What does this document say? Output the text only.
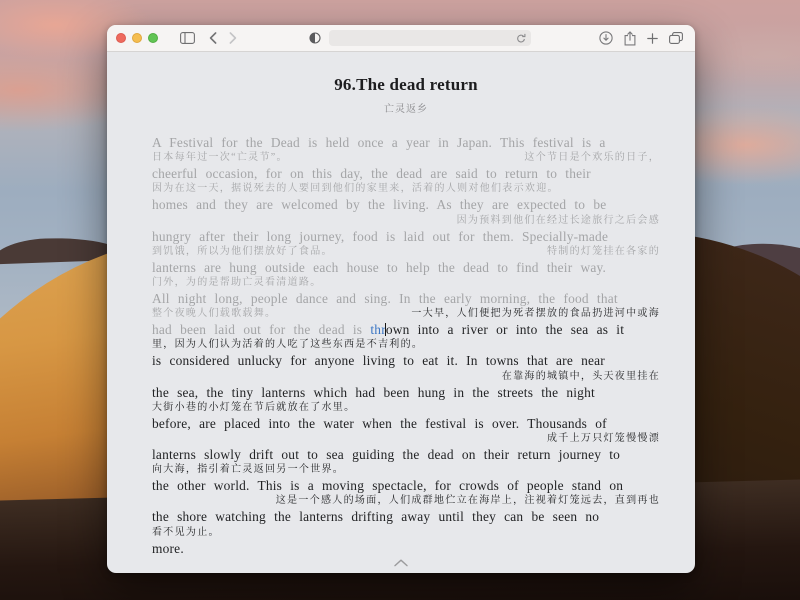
96.The dead return
亡灵返乡
A Festival for the Dead is held once a year in Japan. This festival is a
日本每年过一次“亡灵节”。	这个节日是个欢乐的日子，
cheerful occasion, for on this day, the dead are said to return to their
因为在这一天，据说死去的人要回到他们的家里来，活着的人则对他们表示欢迎。
homes and they are welcomed by the living. As they are expected to be
因为预料到他们在经过长途旅行之后会感
hungry after their long journey, food is laid out for them. Specially-made
到饥饿，所以为他们摆放好了食品。	特制的灯笼挂在各家的
lanterns are hung outside each house to help the dead to find their way.
门外，为的是帮助亡灵看清道路。
All night long, people dance and sing. In the early morning, the food that
整个夜晚人们载歌载舞。	一大早，人们便把为死者摆放的食品扔进河中或海
had been laid out for the dead is thrown into a river or into the sea as it
里，因为人们认为活着的人吃了这些东西是不吉利的。
is considered unlucky for anyone living to eat it. In towns that are near
在靠海的城镇中，头天夜里挂在
the sea, the tiny lanterns which had been hung in the streets the night
大街小巷的小灯笼在节后就放在了水里。
before, are placed into the water when the festival is over. Thousands of
成千上万只灯笼慢慢漂
lanterns slowly drift out to sea guiding the dead on their return journey to
向大海，指引着亡灵返回另一个世界。
the other world. This is a moving spectacle, for crowds of people stand on
这是一个感人的场面，人们成群地伫立在海岸上，注视着灯笼远去，直到再也
the shore watching the lanterns drifting away until they can be seen no
看不见为止。
more.
